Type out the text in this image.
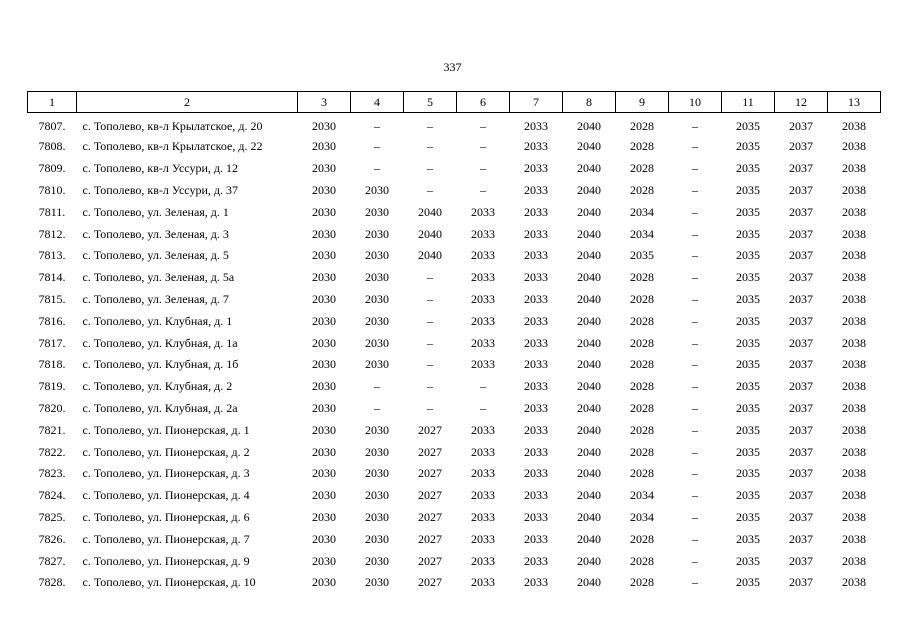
337
1	2	3	4	5	6	7	8	9	10	11	12	13
7807.	с. Тополево, кв-л Крылатское, д. 20	2030	–	–	–	2033	2040	2028	–	2035	2037	2038
7808.	с. Тополево, кв-л Крылатское, д. 22	2030	–	–	–	2033	2040	2028	–	2035	2037	2038
7809.	с. Тополево, кв-л Уссури, д. 12	2030	–	–	–	2033	2040	2028	–	2035	2037	2038
7810.	с. Тополево, кв-л Уссури, д. 37	2030	2030	–	–	2033	2040	2028	–	2035	2037	2038
7811.	с. Тополево, ул. Зеленая, д. 1	2030	2030	2040	2033	2033	2040	2034	–	2035	2037	2038
7812.	с. Тополево, ул. Зеленая, д. 3	2030	2030	2040	2033	2033	2040	2034	–	2035	2037	2038
7813.	с. Тополево, ул. Зеленая, д. 5	2030	2030	2040	2033	2033	2040	2035	–	2035	2037	2038
7814.	с. Тополево, ул. Зеленая, д. 5а	2030	2030	–	2033	2033	2040	2028	–	2035	2037	2038
7815.	с. Тополево, ул. Зеленая, д. 7	2030	2030	–	2033	2033	2040	2028	–	2035	2037	2038
7816.	с. Тополево, ул. Клубная, д. 1	2030	2030	–	2033	2033	2040	2028	–	2035	2037	2038
7817.	с. Тополево, ул. Клубная, д. 1а	2030	2030	–	2033	2033	2040	2028	–	2035	2037	2038
7818.	с. Тополево, ул. Клубная, д. 1б	2030	2030	–	2033	2033	2040	2028	–	2035	2037	2038
7819.	с. Тополево, ул. Клубная, д. 2	2030	–	–	–	2033	2040	2028	–	2035	2037	2038
7820.	с. Тополево, ул. Клубная, д. 2а	2030	–	–	–	2033	2040	2028	–	2035	2037	2038
7821.	с. Тополево, ул. Пионерская, д. 1	2030	2030	2027	2033	2033	2040	2028	–	2035	2037	2038
7822.	с. Тополево, ул. Пионерская, д. 2	2030	2030	2027	2033	2033	2040	2028	–	2035	2037	2038
7823.	с. Тополево, ул. Пионерская, д. 3	2030	2030	2027	2033	2033	2040	2028	–	2035	2037	2038
7824.	с. Тополево, ул. Пионерская, д. 4	2030	2030	2027	2033	2033	2040	2034	–	2035	2037	2038
7825.	с. Тополево, ул. Пионерская, д. 6	2030	2030	2027	2033	2033	2040	2034	–	2035	2037	2038
7826.	с. Тополево, ул. Пионерская, д. 7	2030	2030	2027	2033	2033	2040	2028	–	2035	2037	2038
7827.	с. Тополево, ул. Пионерская, д. 9	2030	2030	2027	2033	2033	2040	2028	–	2035	2037	2038
7828.	с. Тополево, ул. Пионерская, д. 10	2030	2030	2027	2033	2033	2040	2028	–	2035	2037	2038
